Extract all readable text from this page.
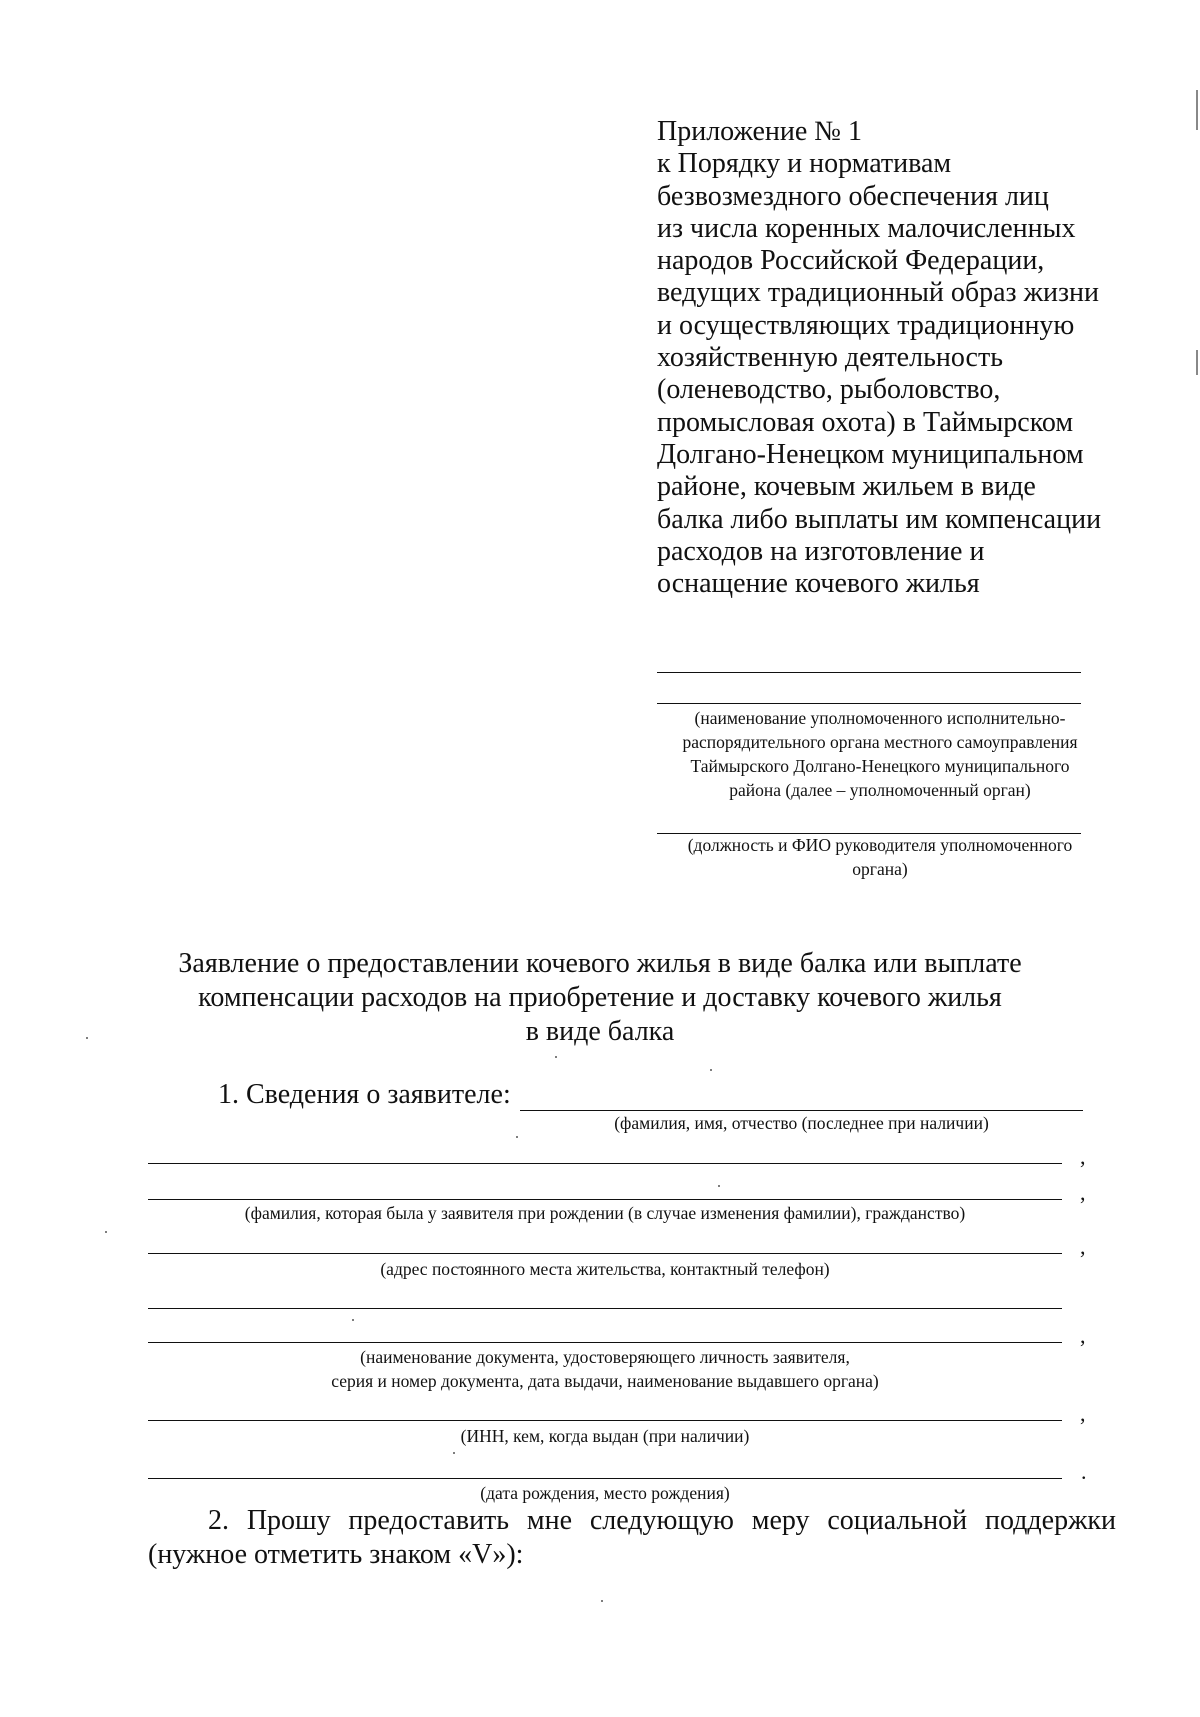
Приложение № 1
к Порядку и нормативам
безвозмездного обеспечения лиц
из числа коренных малочисленных
народов Российской Федерации,
ведущих традиционный образ жизни
и осуществляющих традиционную
хозяйственную деятельность
(оленеводство, рыболовство,
промысловая охота) в Таймырском
Долгано-Ненецком муниципальном
районе, кочевым жильем в виде
балка либо выплаты им компенсации
расходов на изготовление и
оснащение кочевого жилья
(наименование уполномоченного исполнительно-
распорядительного органа местного самоуправления
Таймырского Долгано-Ненецкого муниципального
района (далее – уполномоченный орган)
(должность и ФИО руководителя уполномоченного
органа)
Заявление о предоставлении кочевого жилья в виде балка или выплате
компенсации расходов на приобретение и доставку кочевого жилья
в виде балка
1. Сведения о заявителе:
(фамилия, имя, отчество (последнее при наличии)
,
,
(фамилия, которая была у заявителя при рождении (в случае изменения фамилии), гражданство)
,
(адрес постоянного места жительства, контактный телефон)
,
(наименование документа, удостоверяющего личность заявителя,
серия и номер документа, дата выдачи, наименование выдавшего органа)
,
(ИНН, кем, когда выдан (при наличии)
.
(дата рождения, место рождения)
2. Прошу предоставить мне следующую меру социальной поддержки
(нужное отметить знаком «V»):
